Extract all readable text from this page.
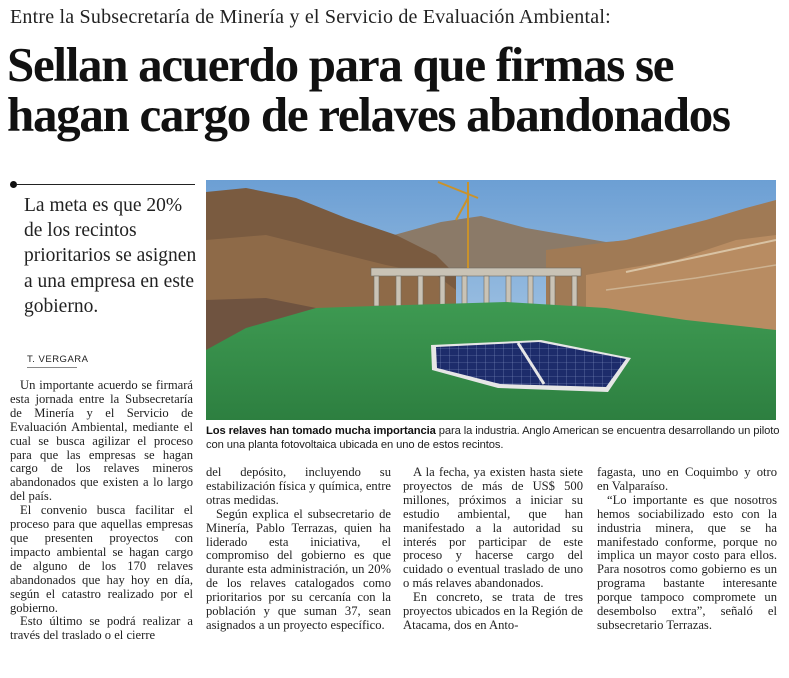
Entre la Subsecretaría de Minería y el Servicio de Evaluación Ambiental:
Sellan acuerdo para que firmas se hagan cargo de relaves abandonados
La meta es que 20% de los recintos prioritarios se asignen a una empresa en este gobierno.
T. VERGARA

Los relaves han tomado mucha importancia para la industria. Anglo American se encuentra desarrollando un piloto con una planta fotovoltaica ubicada en uno de estos recintos.

Un importante acuerdo se firmará esta jornada entre la Subsecretaría de Minería y el Servicio de Evaluación Ambiental, mediante el cual se busca agilizar el proceso para que las empresas se hagan cargo de los relaves mineros abandonados que existen a lo largo del país.

El convenio busca facilitar el proceso para que aquellas empresas que presenten proyectos con impacto ambiental se hagan cargo de alguno de los 170 relaves abandonados que hay hoy en día, según el catastro realizado por el gobierno.

Esto último se podrá realizar a través del traslado o el cierre

del depósito, incluyendo su estabilización física y química, entre otras medidas.

Según explica el subsecretario de Minería, Pablo Terrazas, quien ha liderado esta iniciativa, el compromiso del gobierno es que durante esta administración, un 20% de los relaves catalogados como prioritarios por su cercanía con la población y que suman 37, sean asignados a un proyecto específico.

A la fecha, ya existen hasta siete proyectos de más de US$ 500 millones, próximos a iniciar su estudio ambiental, que han manifestado a la autoridad su interés por participar de este proceso y hacerse cargo del cuidado o eventual traslado de uno o más relaves abandonados.

En concreto, se trata de tres proyectos ubicados en la Región de Atacama, dos en Anto-

fagasta, uno en Coquimbo y otro en Valparaíso.

“Lo importante es que nosotros hemos sociabilizado esto con la industria minera, que se ha manifestado conforme, porque no implica un mayor costo para ellos. Para nosotros como gobierno es un programa bastante interesante porque tampoco compromete un desembolso extra”, señaló el subsecretario Terrazas.
